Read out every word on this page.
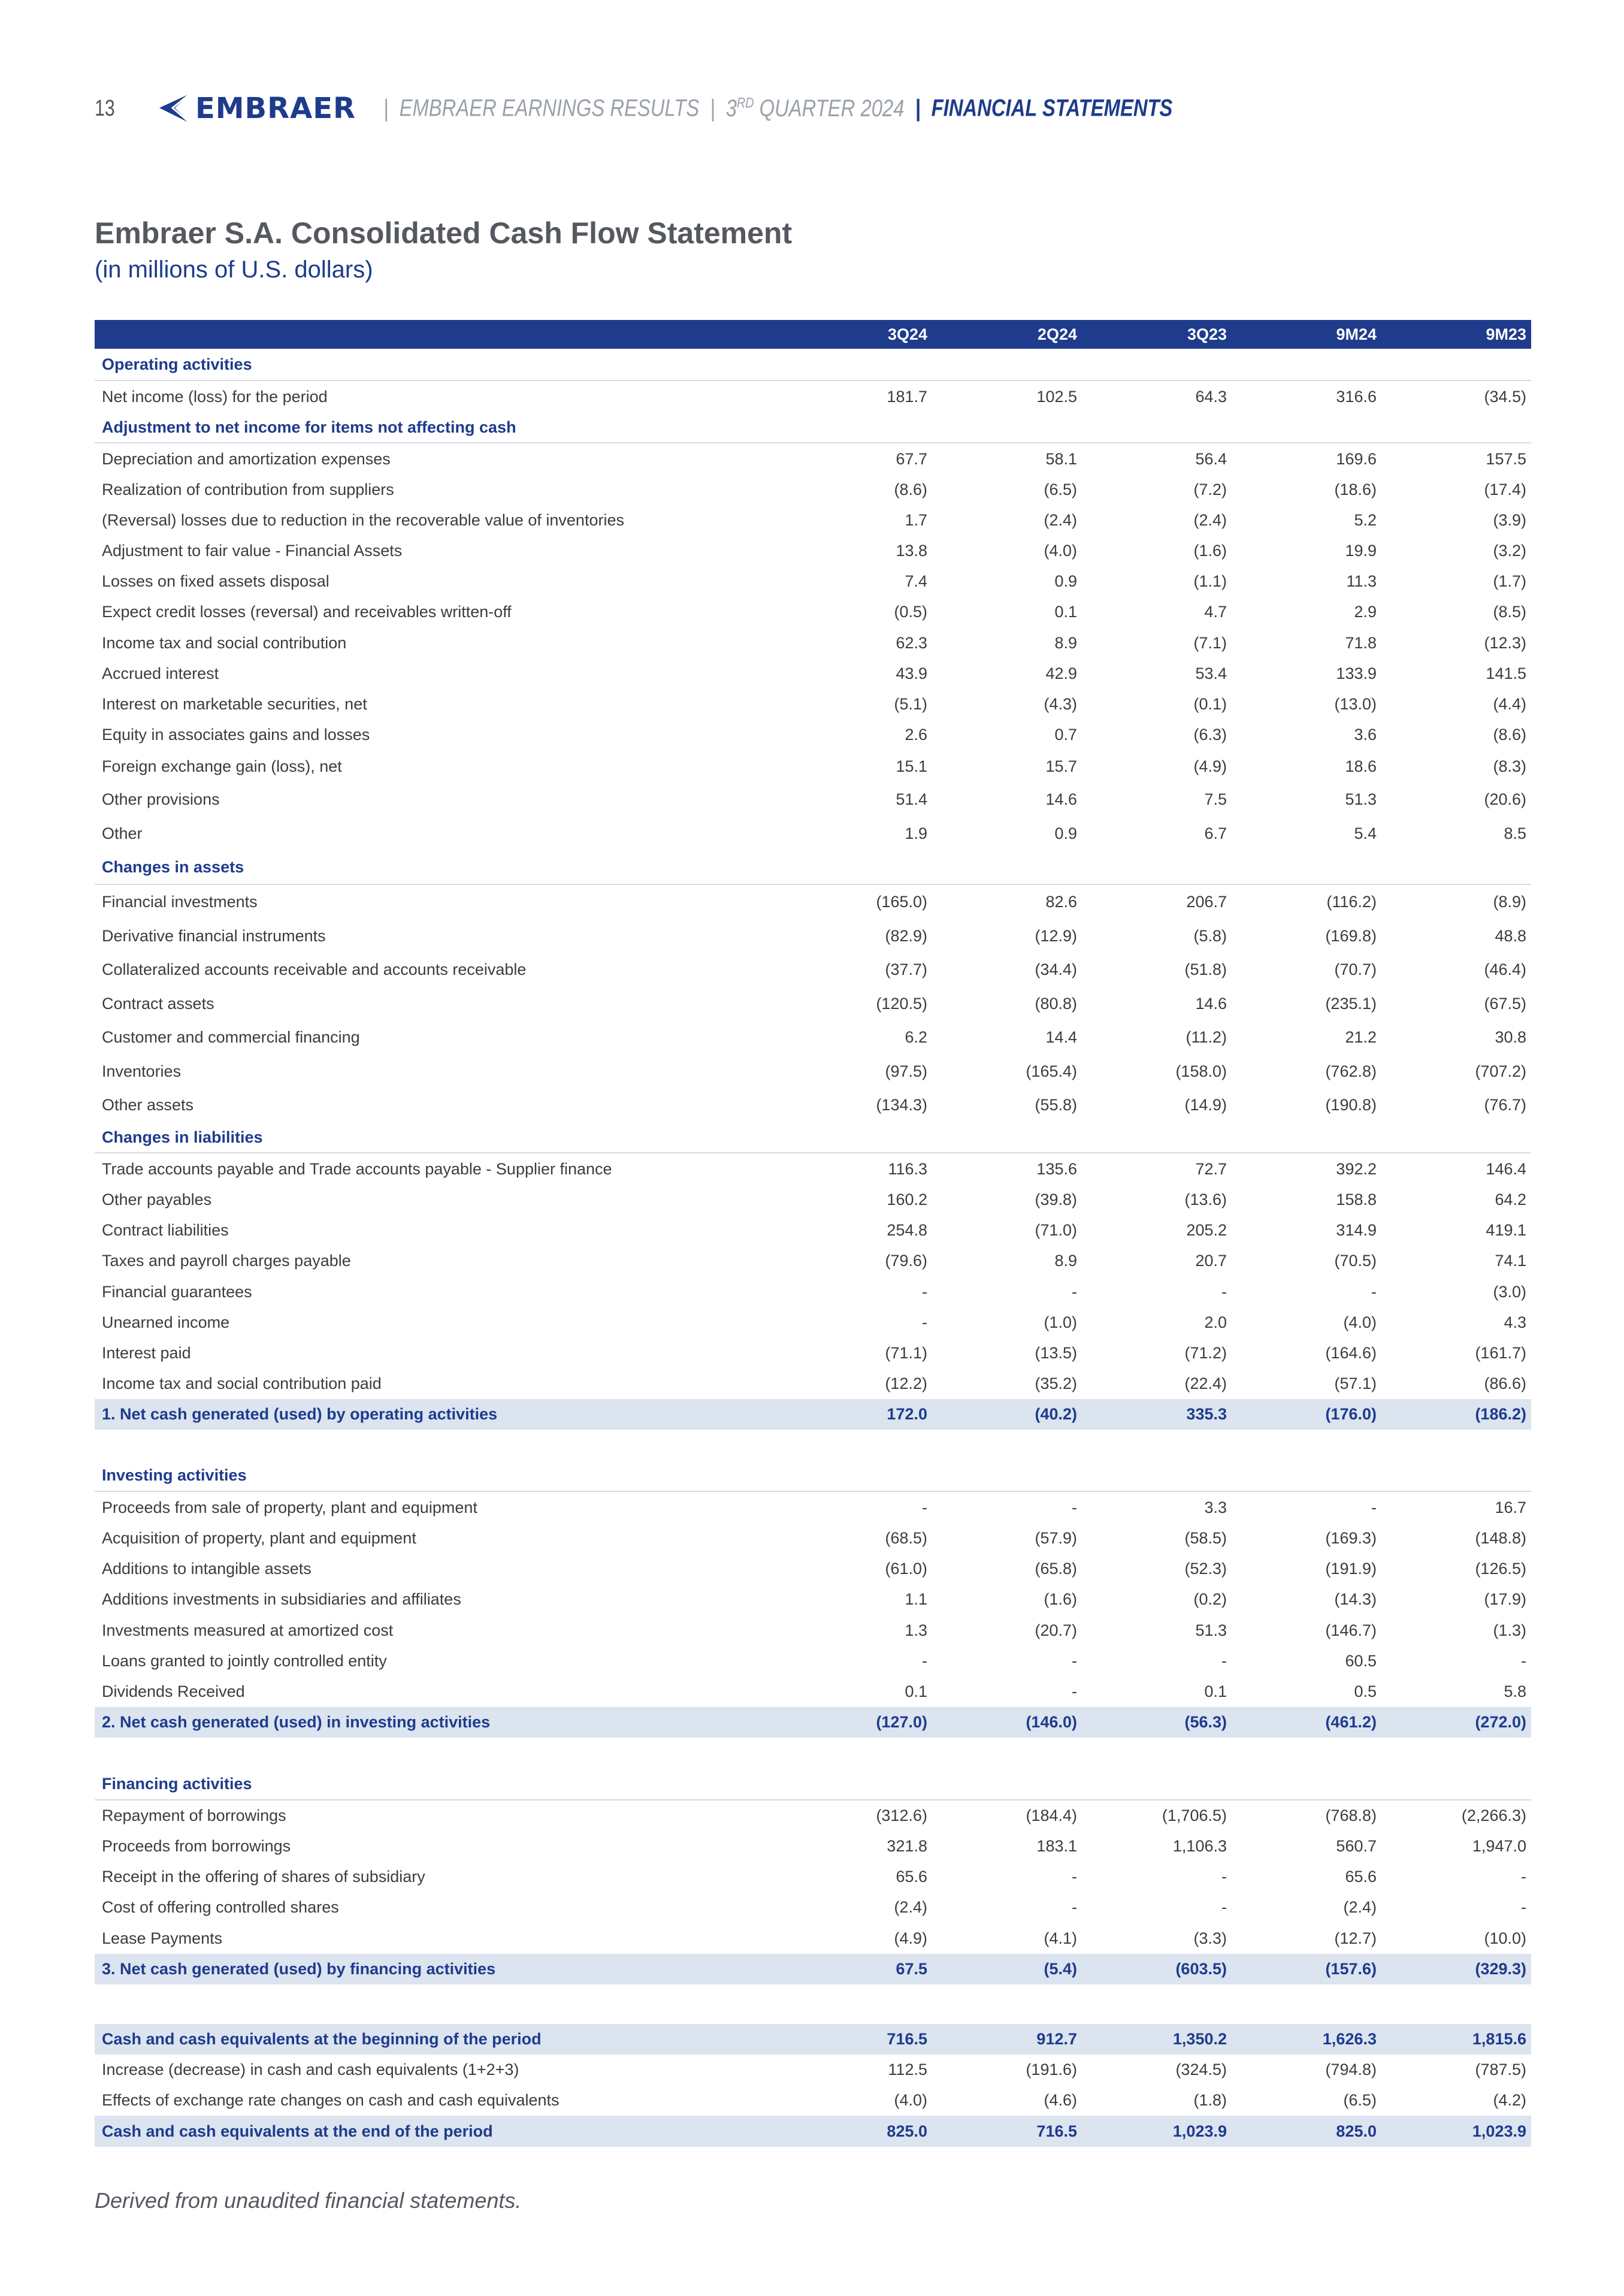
13	EMBRAER	| EMBRAER EARNINGS RESULTS | 3RD QUARTER 2024 | FINANCIAL STATEMENTS
Embraer S.A. Consolidated Cash Flow Statement
(in millions of U.S. dollars)
3Q24	2Q24	3Q23	9M24	9M23
Operating activities
Net income (loss) for the period	181.7	102.5	64.3	316.6	(34.5)
Adjustment to net income for items not affecting cash
Depreciation and amortization expenses	67.7	58.1	56.4	169.6	157.5
Realization of contribution from suppliers	(8.6)	(6.5)	(7.2)	(18.6)	(17.4)
(Reversal) losses due to reduction in the recoverable value of inventories	1.7	(2.4)	(2.4)	5.2	(3.9)
Adjustment to fair value - Financial Assets	13.8	(4.0)	(1.6)	19.9	(3.2)
Losses on fixed assets disposal	7.4	0.9	(1.1)	11.3	(1.7)
Expect credit losses (reversal) and receivables written-off	(0.5)	0.1	4.7	2.9	(8.5)
Income tax and social contribution	62.3	8.9	(7.1)	71.8	(12.3)
Accrued interest	43.9	42.9	53.4	133.9	141.5
Interest on marketable securities, net	(5.1)	(4.3)	(0.1)	(13.0)	(4.4)
Equity in associates gains and losses	2.6	0.7	(6.3)	3.6	(8.6)
Foreign exchange gain (loss), net	15.1	15.7	(4.9)	18.6	(8.3)
Other provisions	51.4	14.6	7.5	51.3	(20.6)
Other	1.9	0.9	6.7	5.4	8.5
Changes in assets
Financial investments	(165.0)	82.6	206.7	(116.2)	(8.9)
Derivative financial instruments	(82.9)	(12.9)	(5.8)	(169.8)	48.8
Collateralized accounts receivable and accounts receivable	(37.7)	(34.4)	(51.8)	(70.7)	(46.4)
Contract assets	(120.5)	(80.8)	14.6	(235.1)	(67.5)
Customer and commercial financing	6.2	14.4	(11.2)	21.2	30.8
Inventories	(97.5)	(165.4)	(158.0)	(762.8)	(707.2)
Other assets	(134.3)	(55.8)	(14.9)	(190.8)	(76.7)
Changes in liabilities
Trade accounts payable and Trade accounts payable - Supplier finance	116.3	135.6	72.7	392.2	146.4
Other payables	160.2	(39.8)	(13.6)	158.8	64.2
Contract liabilities	254.8	(71.0)	205.2	314.9	419.1
Taxes and payroll charges payable	(79.6)	8.9	20.7	(70.5)	74.1
Financial guarantees	-	-	-	-	(3.0)
Unearned income	-	(1.0)	2.0	(4.0)	4.3
Interest paid	(71.1)	(13.5)	(71.2)	(164.6)	(161.7)
Income tax and social contribution paid	(12.2)	(35.2)	(22.4)	(57.1)	(86.6)
1. Net cash generated (used) by operating activities	172.0	(40.2)	335.3	(176.0)	(186.2)
Investing activities
Proceeds from sale of property, plant and equipment	-	-	3.3	-	16.7
Acquisition of property, plant and equipment	(68.5)	(57.9)	(58.5)	(169.3)	(148.8)
Additions to intangible assets	(61.0)	(65.8)	(52.3)	(191.9)	(126.5)
Additions investments in subsidiaries and affiliates	1.1	(1.6)	(0.2)	(14.3)	(17.9)
Investments measured at amortized cost	1.3	(20.7)	51.3	(146.7)	(1.3)
Loans granted to jointly controlled entity	-	-	-	60.5	-
Dividends Received	0.1	-	0.1	0.5	5.8
2. Net cash generated (used) in investing activities	(127.0)	(146.0)	(56.3)	(461.2)	(272.0)
Financing activities
Repayment of borrowings	(312.6)	(184.4)	(1,706.5)	(768.8)	(2,266.3)
Proceeds from borrowings	321.8	183.1	1,106.3	560.7	1,947.0
Receipt in the offering of shares of subsidiary	65.6	-	-	65.6	-
Cost of offering controlled shares	(2.4)	-	-	(2.4)	-
Lease Payments	(4.9)	(4.1)	(3.3)	(12.7)	(10.0)
3. Net cash generated (used) by financing activities	67.5	(5.4)	(603.5)	(157.6)	(329.3)
Cash and cash equivalents at the beginning of the period	716.5	912.7	1,350.2	1,626.3	1,815.6
Increase (decrease) in cash and cash equivalents (1+2+3)	112.5	(191.6)	(324.5)	(794.8)	(787.5)
Effects of exchange rate changes on cash and cash equivalents	(4.0)	(4.6)	(1.8)	(6.5)	(4.2)
Cash and cash equivalents at the end of the period	825.0	716.5	1,023.9	825.0	1,023.9
Derived from unaudited financial statements.
